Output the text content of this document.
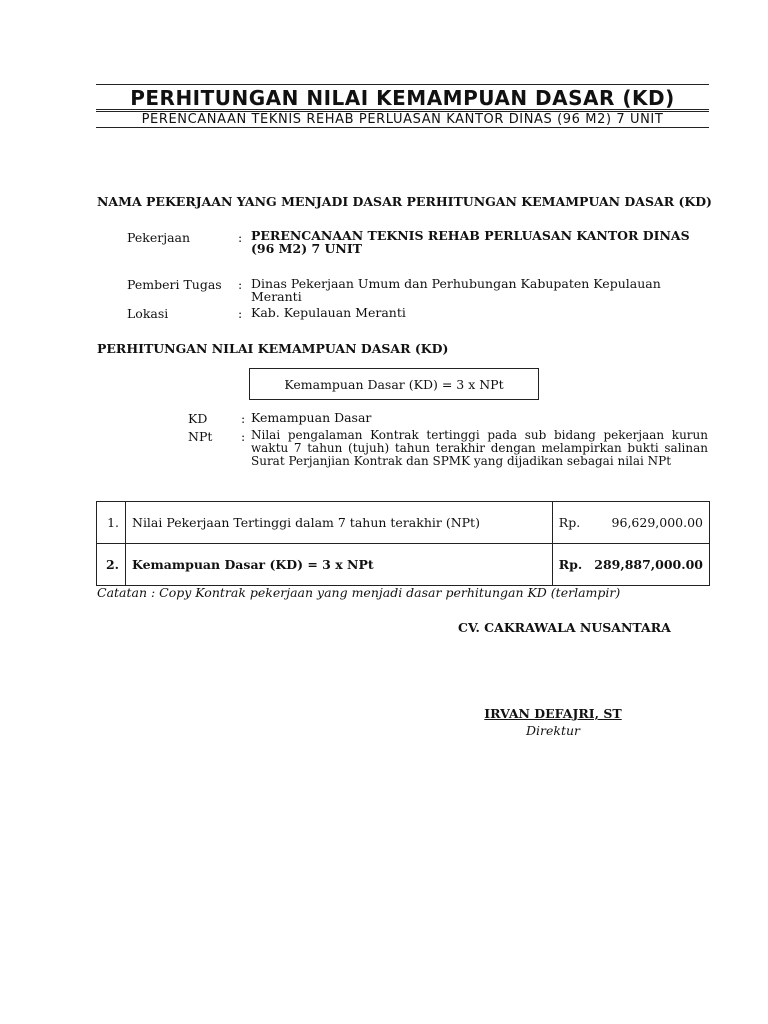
PERHITUNGAN NILAI KEMAMPUAN DASAR (KD)
PERENCANAAN TEKNIS REHAB PERLUASAN KANTOR DINAS (96 M2) 7 UNIT
NAMA PEKERJAAN YANG MENJADI DASAR PERHITUNGAN KEMAMPUAN DASAR (KD)
Pekerjaan	: PERENCANAAN TEKNIS REHAB PERLUASAN KANTOR DINAS (96 M2) 7 UNIT
Pemberi Tugas : Dinas Pekerjaan Umum dan Perhubungan Kabupaten Kepulauan Meranti
Lokasi	: Kab. Kepulauan Meranti
PERHITUNGAN NILAI KEMAMPUAN DASAR (KD)
Kemampuan Dasar (KD) = 3 x NPt
KD	: Kemampuan Dasar
NPt : Nilai pengalaman Kontrak tertinggi pada sub bidang pekerjaan kurun waktu 7 tahun (tujuh) tahun terakhir dengan melampirkan bukti salinan Surat Perjanjian Kontrak dan SPMK yang dijadikan sebagai nilai NPt
1.	Nilai Pekerjaan Tertinggi dalam 7 tahun terakhir (NPt)	Rp.	96,629,000.00
2.	Kemampuan Dasar (KD) = 3 x NPt	Rp.	289,887,000.00
Catatan : Copy Kontrak pekerjaan yang menjadi dasar perhitungan KD (terlampir)
CV. CAKRAWALA NUSANTARA
IRVAN DEFAJRI, ST
Direktur
